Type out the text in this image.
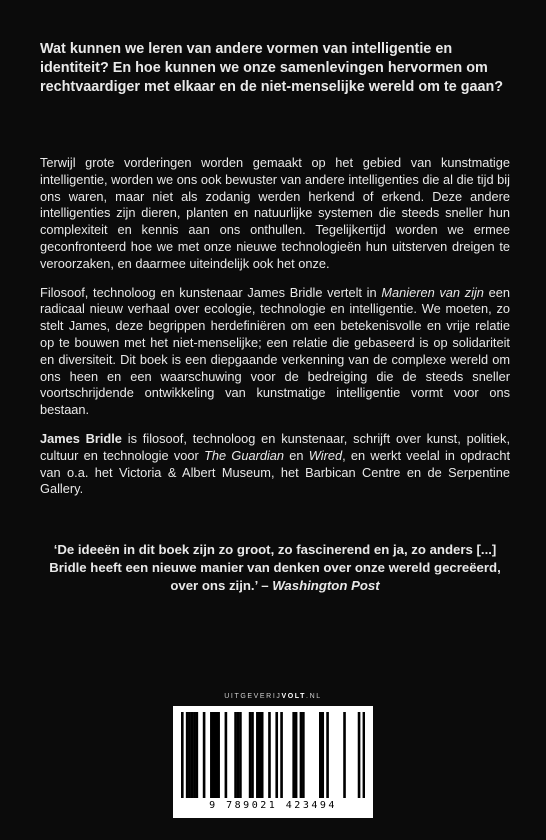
Wat kunnen we leren van andere vormen van intelligentie en identiteit? En hoe kunnen we onze samenlevingen hervormen om rechtvaardiger met elkaar en de niet-menselijke wereld om te gaan?

Terwijl grote vorderingen worden gemaakt op het gebied van kunstmatige intelligentie, worden we ons ook bewuster van andere intelligenties die al die tijd bij ons waren, maar niet als zodanig werden herkend of erkend. Deze andere intelligenties zijn dieren, planten en natuurlijke systemen die steeds sneller hun complexiteit en kennis aan ons onthullen. Tegelijkertijd worden we ermee geconfronteerd hoe we met onze nieuwe technologieën hun uitsterven dreigen te veroorzaken, en daarmee uiteindelijk ook het onze.

Filosoof, technoloog en kunstenaar James Bridle vertelt in Manieren van zijn een radicaal nieuw verhaal over ecologie, technologie en intelligentie. We moeten, zo stelt James, deze begrippen herdefiniëren om een betekenisvolle en vrije relatie op te bouwen met het niet-menselijke; een relatie die gebaseerd is op solidariteit en diversiteit. Dit boek is een diepgaande verkenning van de complexe wereld om ons heen en een waarschuwing voor de bedreiging die de steeds sneller voortschrijdende ontwikkeling van kunstmatige intelligentie vormt voor ons bestaan.

James Bridle is filosoof, technoloog en kunstenaar, schrijft over kunst, politiek, cultuur en technologie voor The Guardian en Wired, en werkt veelal in opdracht van o.a. het Victoria & Albert Museum, het Barbican Centre en de Serpentine Gallery.

‘De ideeën in dit boek zijn zo groot, zo fascinerend en ja, zo anders [...] Bridle heeft een nieuwe manier van denken over onze wereld gecreëerd, over ons zijn.’ – Washington Post
UITGEVERIJVOLT.NL
9 789021 423494
